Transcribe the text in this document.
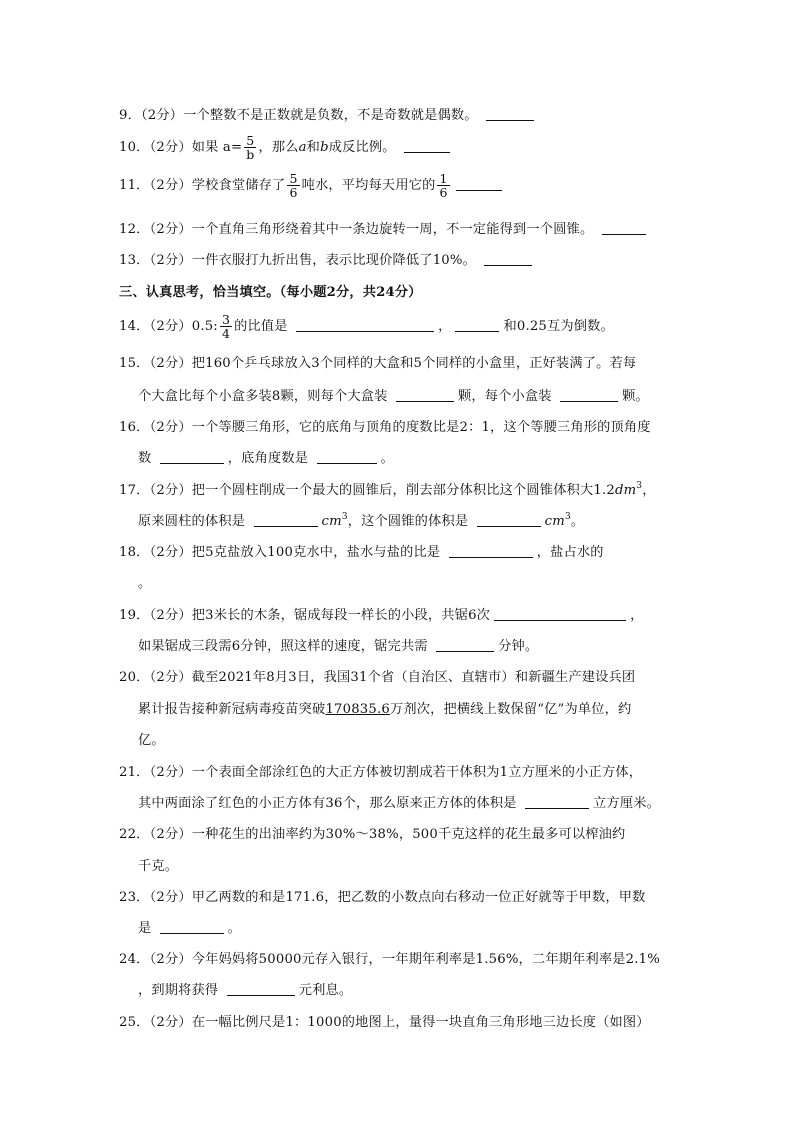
9．（2分）一个整数不是正数就是负数，不是奇数就是偶数。
10．（2分）如果 $a= \frac{5}{b}$ ，那么a和b成反比例。
11．（2分）学校食堂储存了 $\frac{5}{6}$ 吨水，平均每天用它的 $\frac{1}{6}$
12．（2分）一个直角三角形绕着其中一条边旋转一周，不一定能得到一个圆锥。
13．（2分）一件衣服打九折出售，表示比现价降低了10%。
三、认真思考，恰当填空。（每小题2分，共24分）
14．（2分）0.5: $\frac{3}{4}$ 的比值是	，	和0.25互为倒数。
15．（2分）把160个乒乓球放入3个同样的大盒和5个同样的小盒里，正好装满了。若每
个大盒比每个小盒多装8颗，则每个大盒装	颗，每个小盒装	颗。
16．（2分）一个等腰三角形，它的底角与顶角的度数比是2：1，这个等腰三角形的顶角度
数	，底角度数是	。
17．（2分）把一个圆柱削成一个最大的圆锥后，削去部分体积比这个圆锥体积大$1.2dm^3$，
原来圆柱的体积是	$cm^3$，这个圆锥的体积是	$cm^3$。
18．（2分）把5克盐放入100克水中，盐水与盐的比是	，盐占水的
。
19．（2分）把3米长的木条，锯成每段一样长的小段，共锯6次	，
如果锯成三段需6分钟，照这样的速度，锯完共需	分钟。
20．（2分）截至2021年8月3日，我国31个省（自治区、直辖市）和新疆生产建设兵团
累计报告接种新冠病毒疫苗突破170835.6万剂次，把横线上数保留“亿”为单位，约
亿。
21．（2分）一个表面全部涂红色的大正方体被切割成若干体积为1立方厘米的小正方体，
其中两面涂了红色的小正方体有36个，那么原来正方体的体积是	立方厘米。
22．（2分）一种花生的出油率约为30%～38%，500千克这样的花生最多可以榨油约
千克。
23．（2分）甲乙两数的和是171.6，把乙数的小数点向右移动一位正好就等于甲数，甲数
是	。
24．（2分）今年妈妈将50000元存入银行，一年期年利率是1.56%，二年期年利率是2.1%
，到期将获得	元利息。
25．（2分）在一幅比例尺是1：1000的地图上，量得一块直角三角形地三边长度（如图）
